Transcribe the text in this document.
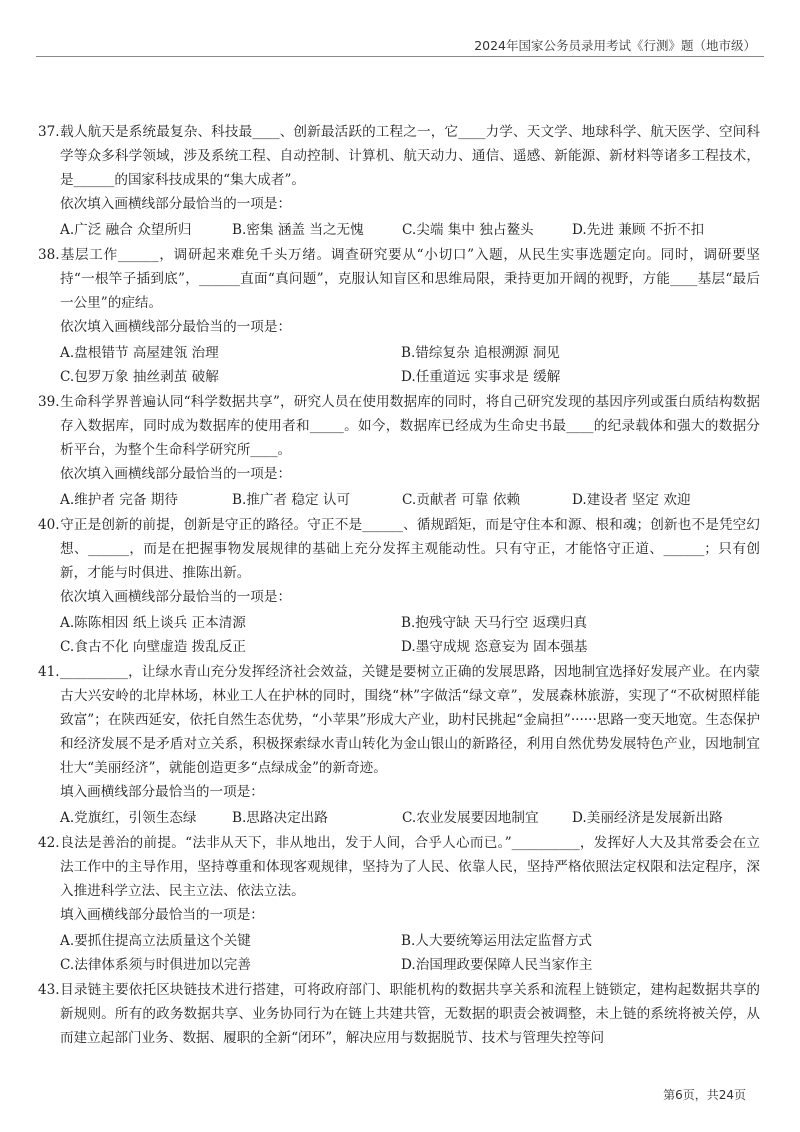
2024年国家公务员录用考试《行测》题（地市级）
37.载人航天是系统最复杂、科技最____、创新最活跃的工程之一，它____力学、天文学、地球科学、航天医学、空间科学等众多科学领域，涉及系统工程、自动控制、计算机、航天动力、通信、遥感、新能源、新材料等诸多工程技术，是______的国家科技成果的“集大成者”。
依次填入画横线部分最恰当的一项是：
A.广泛 融合 众望所归	B.密集 涵盖 当之无愧	C.尖端 集中 独占鳌头	D.先进 兼顾 不折不扣
38.基层工作______，调研起来难免千头万绪。调查研究要从“小切口”入题，从民生实事选题定向。同时，调研要坚持“一根竿子插到底”，______直面“真问题”，克服认知盲区和思维局限，秉持更加开阔的视野，方能____基层“最后一公里”的症结。
依次填入画横线部分最恰当的一项是：
A.盘根错节 高屋建瓴 治理	B.错综复杂 追根溯源 洞见
C.包罗万象 抽丝剥茧 破解	D.任重道远 实事求是 缓解
39.生命科学界普遍认同“科学数据共享”，研究人员在使用数据库的同时，将自己研究发现的基因序列或蛋白质结构数据存入数据库，同时成为数据库的使用者和_____。如今，数据库已经成为生命史书最____的纪录载体和强大的数据分析平台，为整个生命科学研究所____。
依次填入画横线部分最恰当的一项是：
A.维护者 完备 期待	B.推广者 稳定 认可	C.贡献者 可靠 依赖	D.建设者 坚定 欢迎
40.守正是创新的前提，创新是守正的路径。守正不是______、循规蹈矩，而是守住本和源、根和魂；创新也不是凭空幻想、______，而是在把握事物发展规律的基础上充分发挥主观能动性。只有守正，才能恪守正道、______；只有创新，才能与时俱进、推陈出新。
依次填入画横线部分最恰当的一项是：
A.陈陈相因 纸上谈兵 正本清源	B.抱残守缺 天马行空 返璞归真
C.食古不化 向壁虚造 拨乱反正	D.墨守成规 恣意妄为 固本强基
41.__________，让绿水青山充分发挥经济社会效益，关键是要树立正确的发展思路，因地制宜选择好发展产业。在内蒙古大兴安岭的北岸林场，林业工人在护林的同时，围绕“林”字做活“绿文章”，发展森林旅游，实现了“不砍树照样能致富”；在陕西延安，依托自然生态优势，“小苹果”形成大产业，助村民挑起“金扁担”······思路一变天地宽。生态保护和经济发展不是矛盾对立关系，积极探索绿水青山转化为金山银山的新路径，利用自然优势发展特色产业，因地制宜壮大“美丽经济”，就能创造更多“点绿成金”的新奇迹。
填入画横线部分最恰当的一项是：
A.党旗红，引领生态绿	B.思路决定出路	C.农业发展要因地制宜	D.美丽经济是发展新出路
42.良法是善治的前提。“法非从天下，非从地出，发于人间，合乎人心而已。”__________，发挥好人大及其常委会在立法工作中的主导作用，坚持尊重和体现客观规律，坚持为了人民、依靠人民，坚持严格依照法定权限和法定程序，深入推进科学立法、民主立法、依法立法。
填入画横线部分最恰当的一项是：
A.要抓住提高立法质量这个关键	B.人大要统筹运用法定监督方式
C.法律体系须与时俱进加以完善	D.治国理政要保障人民当家作主
43.目录链主要依托区块链技术进行搭建，可将政府部门、职能机构的数据共享关系和流程上链锁定，建构起数据共享的新规则。所有的政务数据共享、业务协同行为在链上共建共管，无数据的职责会被调整，未上链的系统将被关停，从而建立起部门业务、数据、履职的全新“闭环”，解决应用与数据脱节、技术与管理失控等问
第6页，共24页
